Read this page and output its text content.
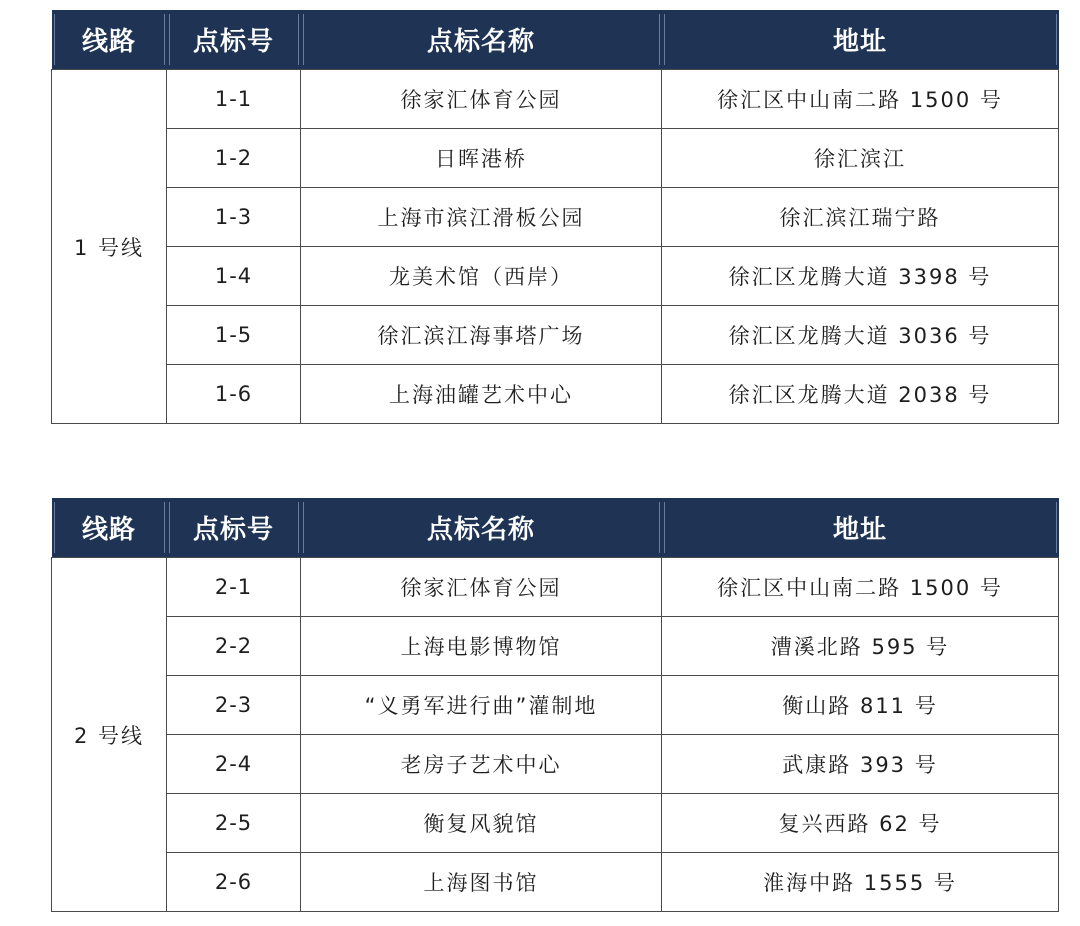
线路	点标号	点标名称	地址

1 号线	1-1	徐家汇体育公园	徐汇区中山南二路 1500 号
	1-2	日晖港桥	徐汇滨江
	1-3	上海市滨江滑板公园	徐汇滨江瑞宁路
	1-4	龙美术馆（西岸）	徐汇区龙腾大道 3398 号
	1-5	徐汇滨江海事塔广场	徐汇区龙腾大道 3036 号
	1-6	上海油罐艺术中心	徐汇区龙腾大道 2038 号
线路	点标号	点标名称	地址

2 号线	2-1	徐家汇体育公园	徐汇区中山南二路 1500 号
	2-2	上海电影博物馆	漕溪北路 595 号
	2-3	“义勇军进行曲”灌制地	衡山路 811 号
	2-4	老房子艺术中心	武康路 393 号
	2-5	衡复风貌馆	复兴西路 62 号
	2-6	上海图书馆	淮海中路 1555 号
